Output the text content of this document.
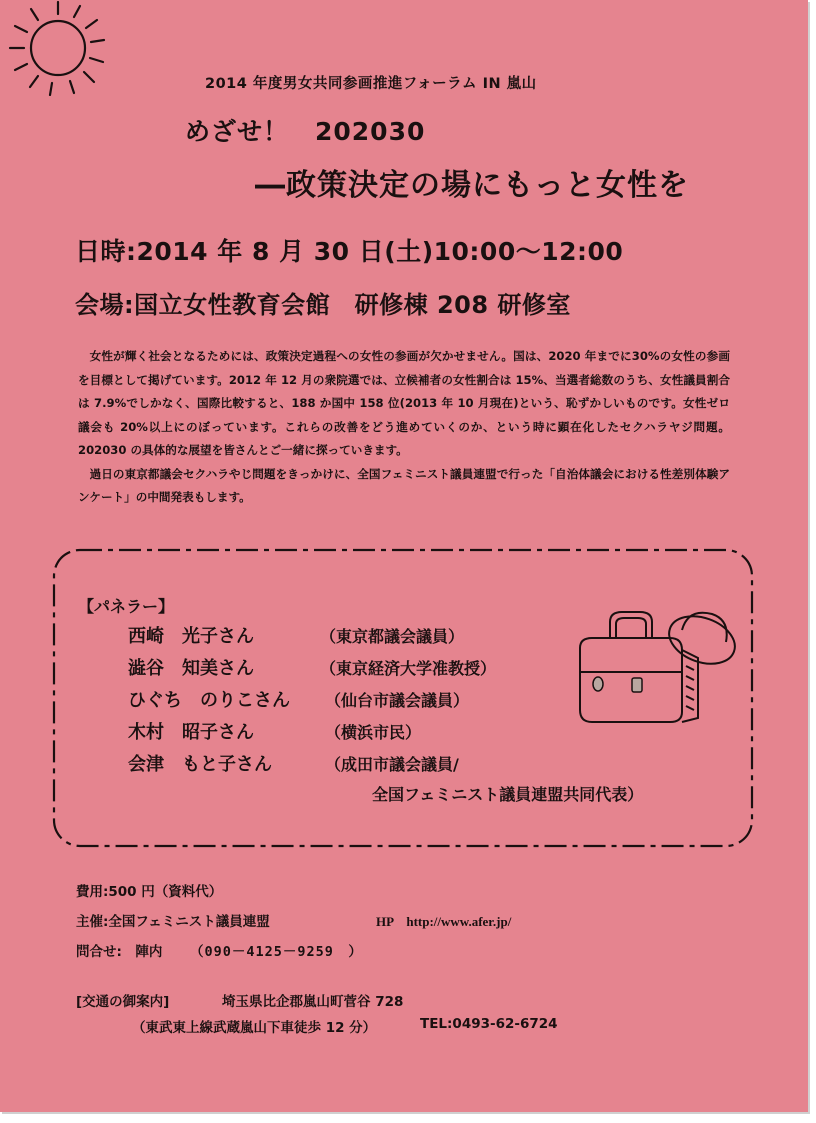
2014 年度男女共同参画推進フォーラム IN 嵐山
めざせ！　202030
―政策決定の場にもっと女性を
日時:2014 年 8 月 30 日(土)10:00～12:00
会場:国立女性教育会館　研修棟 208 研修室

女性が輝く社会となるためには、政策決定過程への女性の参画が欠かせません。国は、2020 年までに30%の女性の参画を目標として掲げています。2012 年 12 月の衆院選では、立候補者の女性割合は 15%、当選者総数のうち、女性議員割合は 7.9%でしかなく、国際比較すると、188 か国中 158 位(2013 年 10 月現在)という、恥ずかしいものです。女性ゼロ議会も 20%以上にのぼっています。これらの改善をどう進めていくのか、という時に顕在化したセクハラヤジ問題。202030 の具体的な展望を皆さんとご一緒に探っていきます。

過日の東京都議会セクハラやじ問題をきっかけに、全国フェミニスト議員連盟で行った「自治体議会における性差別体験アンケート」の中間発表もします。

【パネラー】
西崎　光子さん	（東京都議会議員）
澁谷　知美さん	（東京経済大学准教授）
ひぐち　のりこさん （仙台市議会議員）
木村　昭子さん	（横浜市民）
会津　もと子さん	（成田市議会議員/
全国フェミニスト議員連盟共同代表）
費用:500 円（資料代）
主催:全国フェミニスト議員連盟	HP　http://www.afer.jp/
問合せ:　陣内 （090－4125－9259　）
[交通の御案内]	埼玉県比企郡嵐山町菅谷 728
（東武東上線武蔵嵐山下車徒歩 12 分）	TEL:0493-62-6724
